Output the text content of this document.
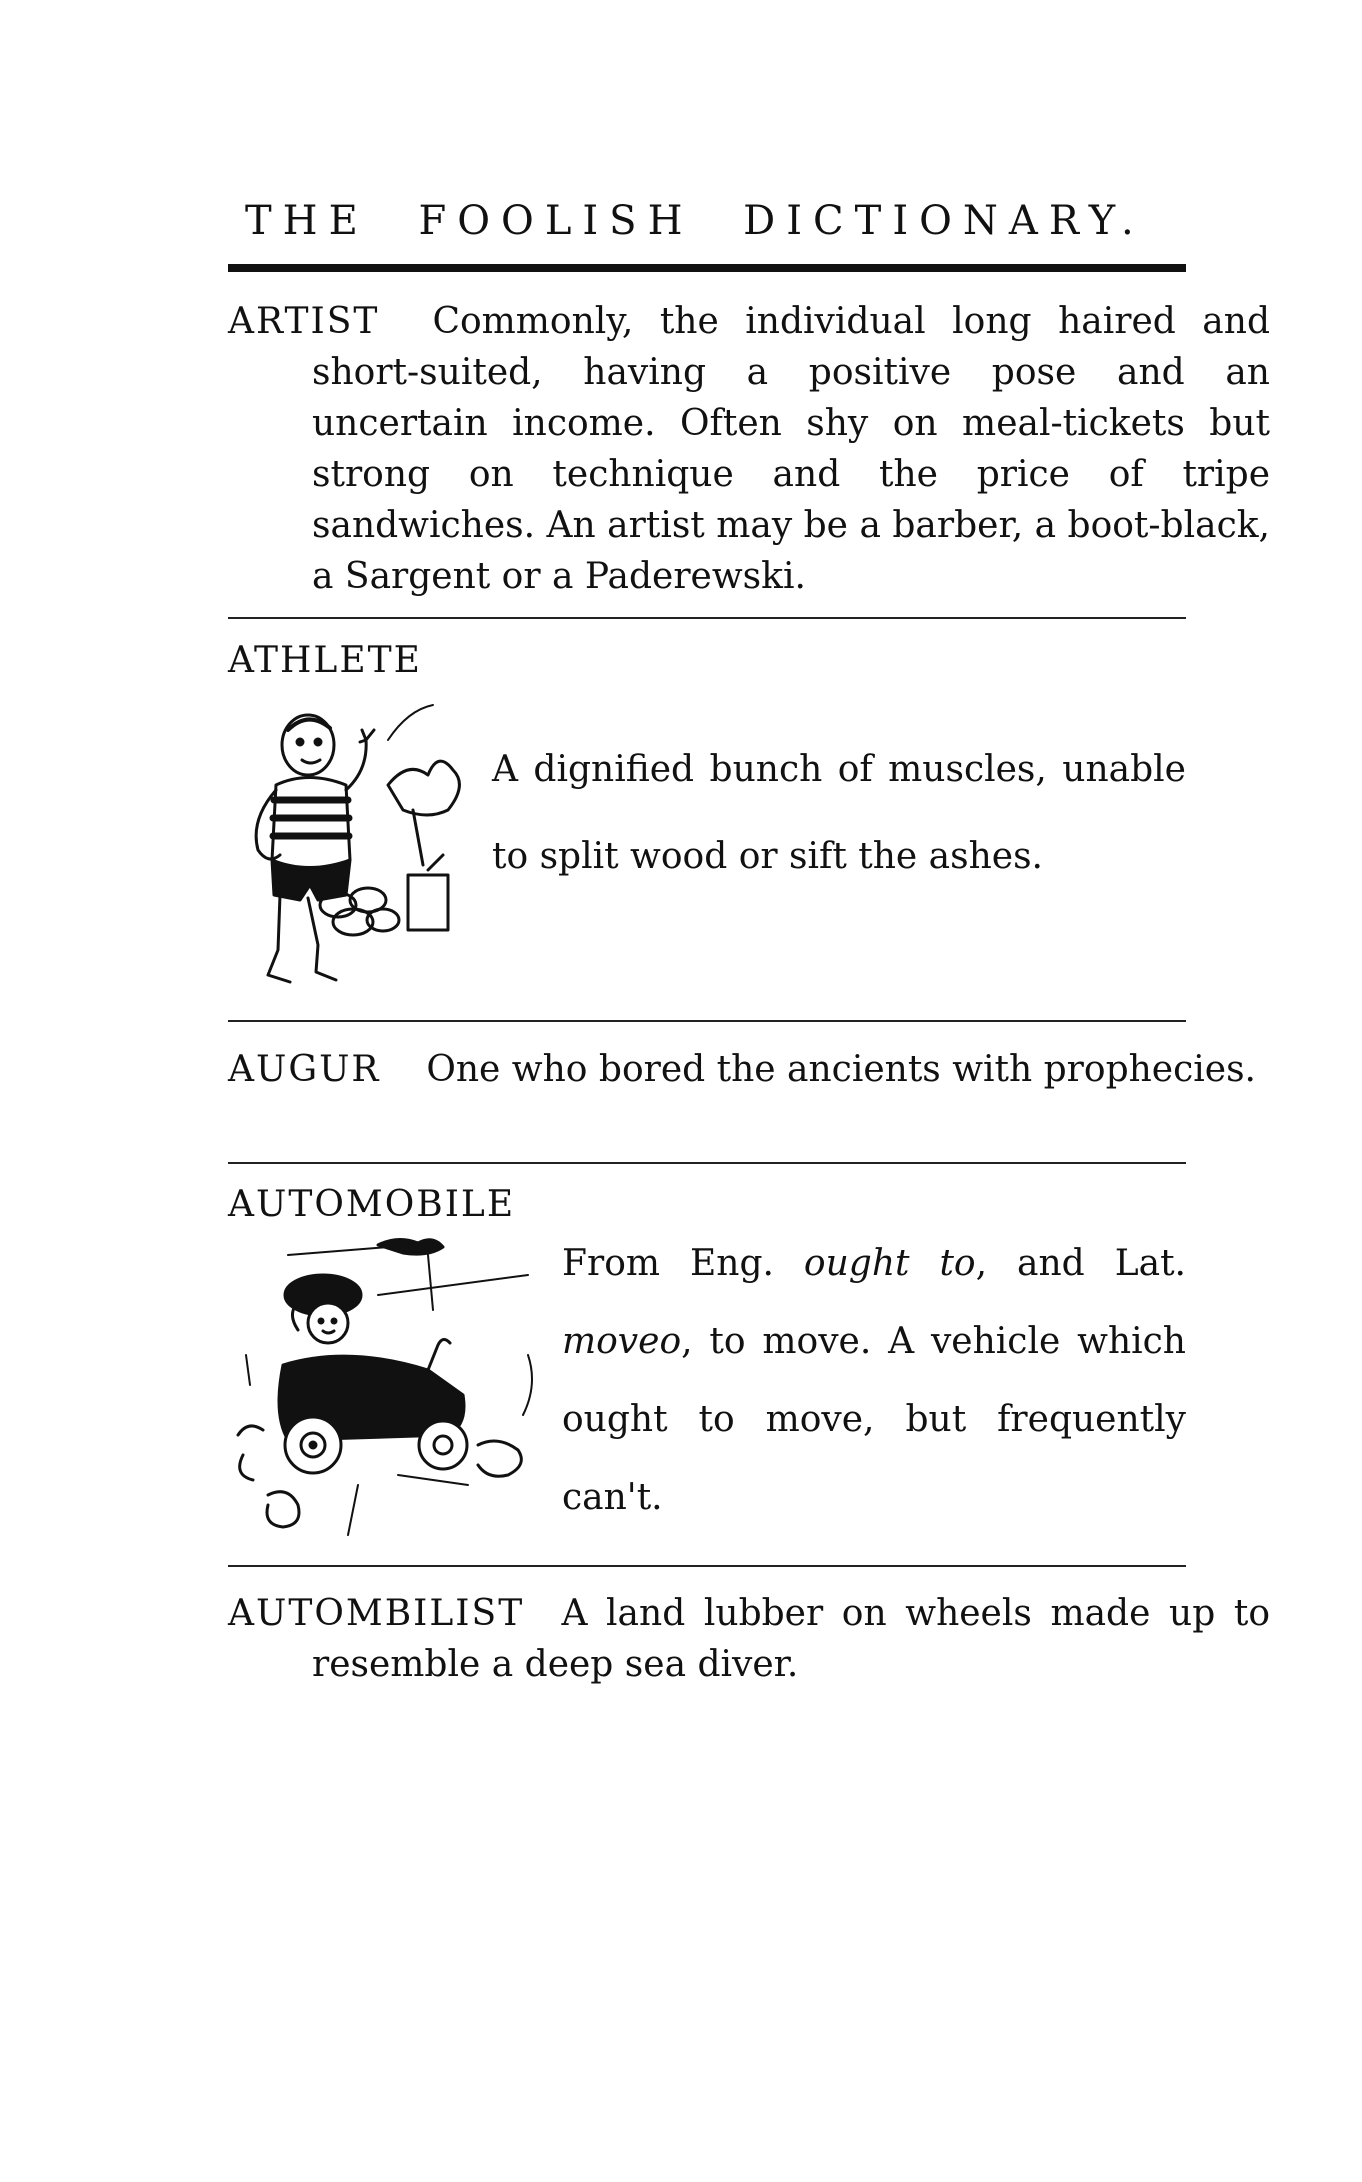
THE FOOLISH DICTIONARY.
ARTIST Commonly, the individual long haired and short-suited, having a positive pose and an uncertain income. Often shy on meal-tickets but strong on technique and the price of tripe sandwiches. An artist may be a barber, a boot-black, a Sargent or a Paderewski.
ATHLETE
A dignified bunch of muscles, unable to split wood or sift the ashes.
AUGUR One who bored the ancients with prophecies.
AUTOMOBILE
From Eng. ought to, and Lat. moveo, to move. A vehicle which ought to move, but frequently can't.
AUTOMBILIST A land lubber on wheels made up to resemble a deep sea diver.
